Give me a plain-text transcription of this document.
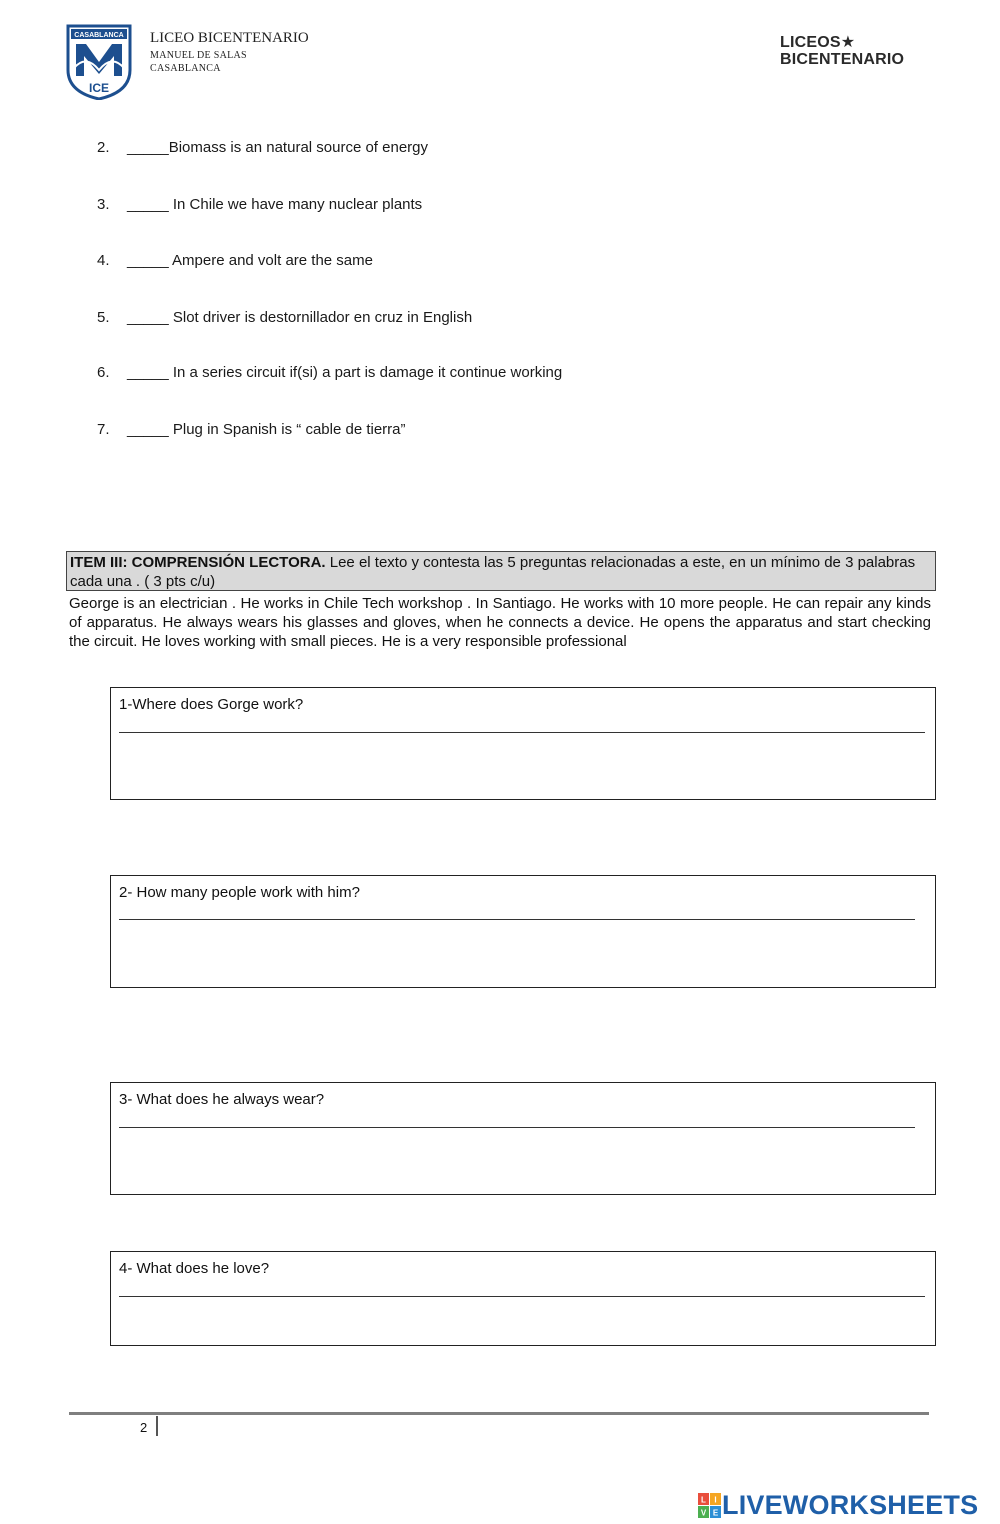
CASABLANCA
ICE
LICEO BICENTENARIO
MANUEL DE SALAS
CASABLANCA
LICEOS★
BICENTENARIO
2. _____Biomass is an natural source of energy
3. _____ In Chile we have many nuclear plants
4. _____ Ampere and volt are the same
5. _____ Slot driver is destornillador en cruz in English
6. _____ In a series circuit if(si) a part is damage it continue working
7. _____ Plug in Spanish is “ cable de tierra”
ITEM III: COMPRENSIÓN LECTORA. Lee el texto y contesta las 5 preguntas relacionadas a este, en un mínimo de 3 palabras cada una . ( 3 pts c/u)
George is an electrician . He works in Chile Tech workshop . In Santiago. He works with 10 more people. He can repair any kinds of apparatus. He always wears his glasses and gloves, when he connects a device. He opens the apparatus and start checking the circuit. He loves working with small pieces. He is a very responsible professional
1-Where does Gorge work?
2- How many people work with him?
3- What does he always wear?
4- What does he love?
2
L I
V E LIVEWORKSHEETS
